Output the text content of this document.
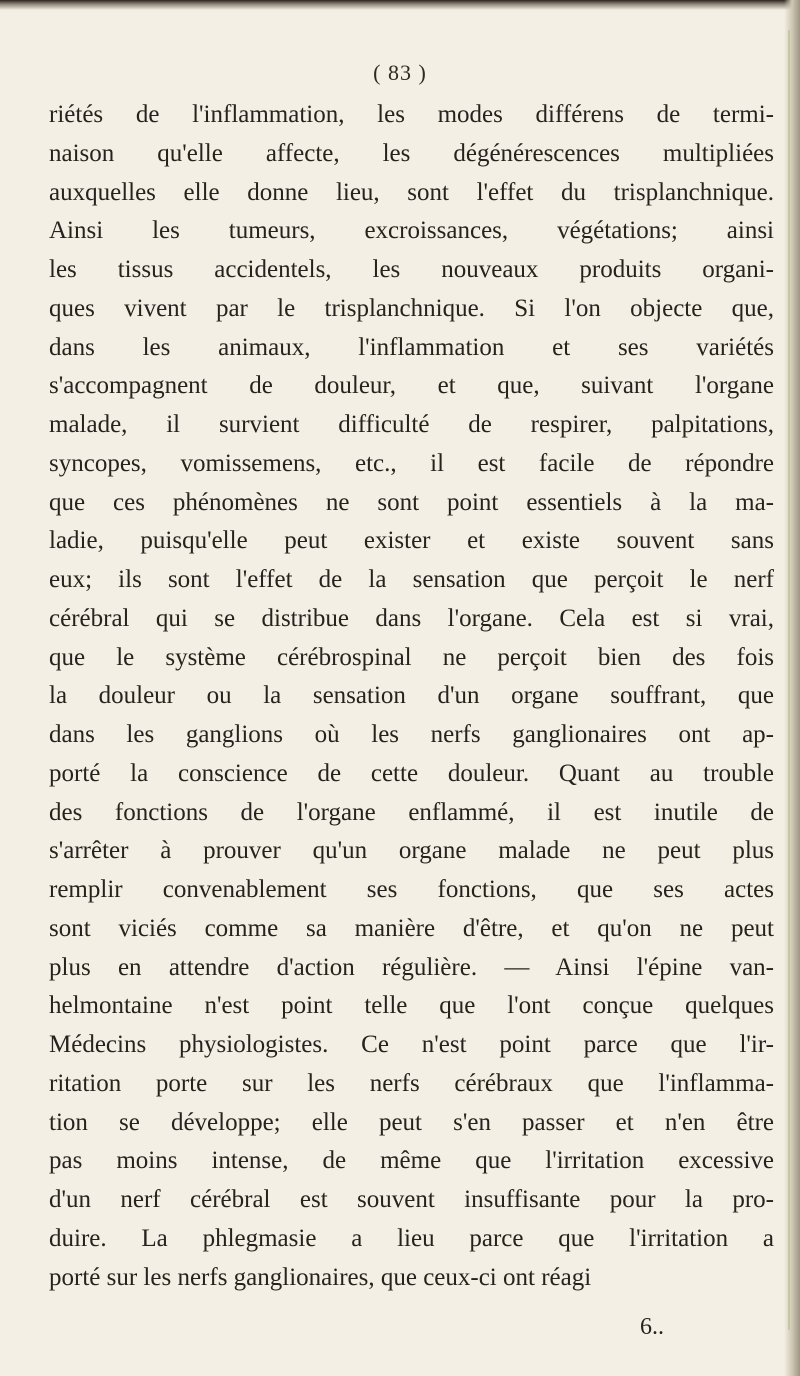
( 83 )
riétés de l'inflammation, les modes différens de termi-
naison qu'elle affecte, les dégénérescences multipliées
auxquelles elle donne lieu, sont l'effet du trisplanchnique.
Ainsi les tumeurs, excroissances, végétations; ainsi
les tissus accidentels, les nouveaux produits organi-
ques vivent par le trisplanchnique. Si l'on objecte que,
dans les animaux, l'inflammation et ses variétés
s'accompagnent de douleur, et que, suivant l'organe
malade, il survient difficulté de respirer, palpitations,
syncopes, vomissemens, etc., il est facile de répondre
que ces phénomènes ne sont point essentiels à la ma-
ladie, puisqu'elle peut exister et existe souvent sans
eux; ils sont l'effet de la sensation que perçoit le nerf
cérébral qui se distribue dans l'organe. Cela est si vrai,
que le système cérébrospinal ne perçoit bien des fois
la douleur ou la sensation d'un organe souffrant, que
dans les ganglions où les nerfs ganglionaires ont ap-
porté la conscience de cette douleur. Quant au trouble
des fonctions de l'organe enflammé, il est inutile de
s'arrêter à prouver qu'un organe malade ne peut plus
remplir convenablement ses fonctions, que ses actes
sont viciés comme sa manière d'être, et qu'on ne peut
plus en attendre d'action régulière. — Ainsi l'épine van-
helmontaine n'est point telle que l'ont conçue quelques
Médecins physiologistes. Ce n'est point parce que l'ir-
ritation porte sur les nerfs cérébraux que l'inflamma-
tion se développe; elle peut s'en passer et n'en être
pas moins intense, de même que l'irritation excessive
d'un nerf cérébral est souvent insuffisante pour la pro-
duire. La phlegmasie a lieu parce que l'irritation a
porté sur les nerfs ganglionaires, que ceux-ci ont réagi
6..
